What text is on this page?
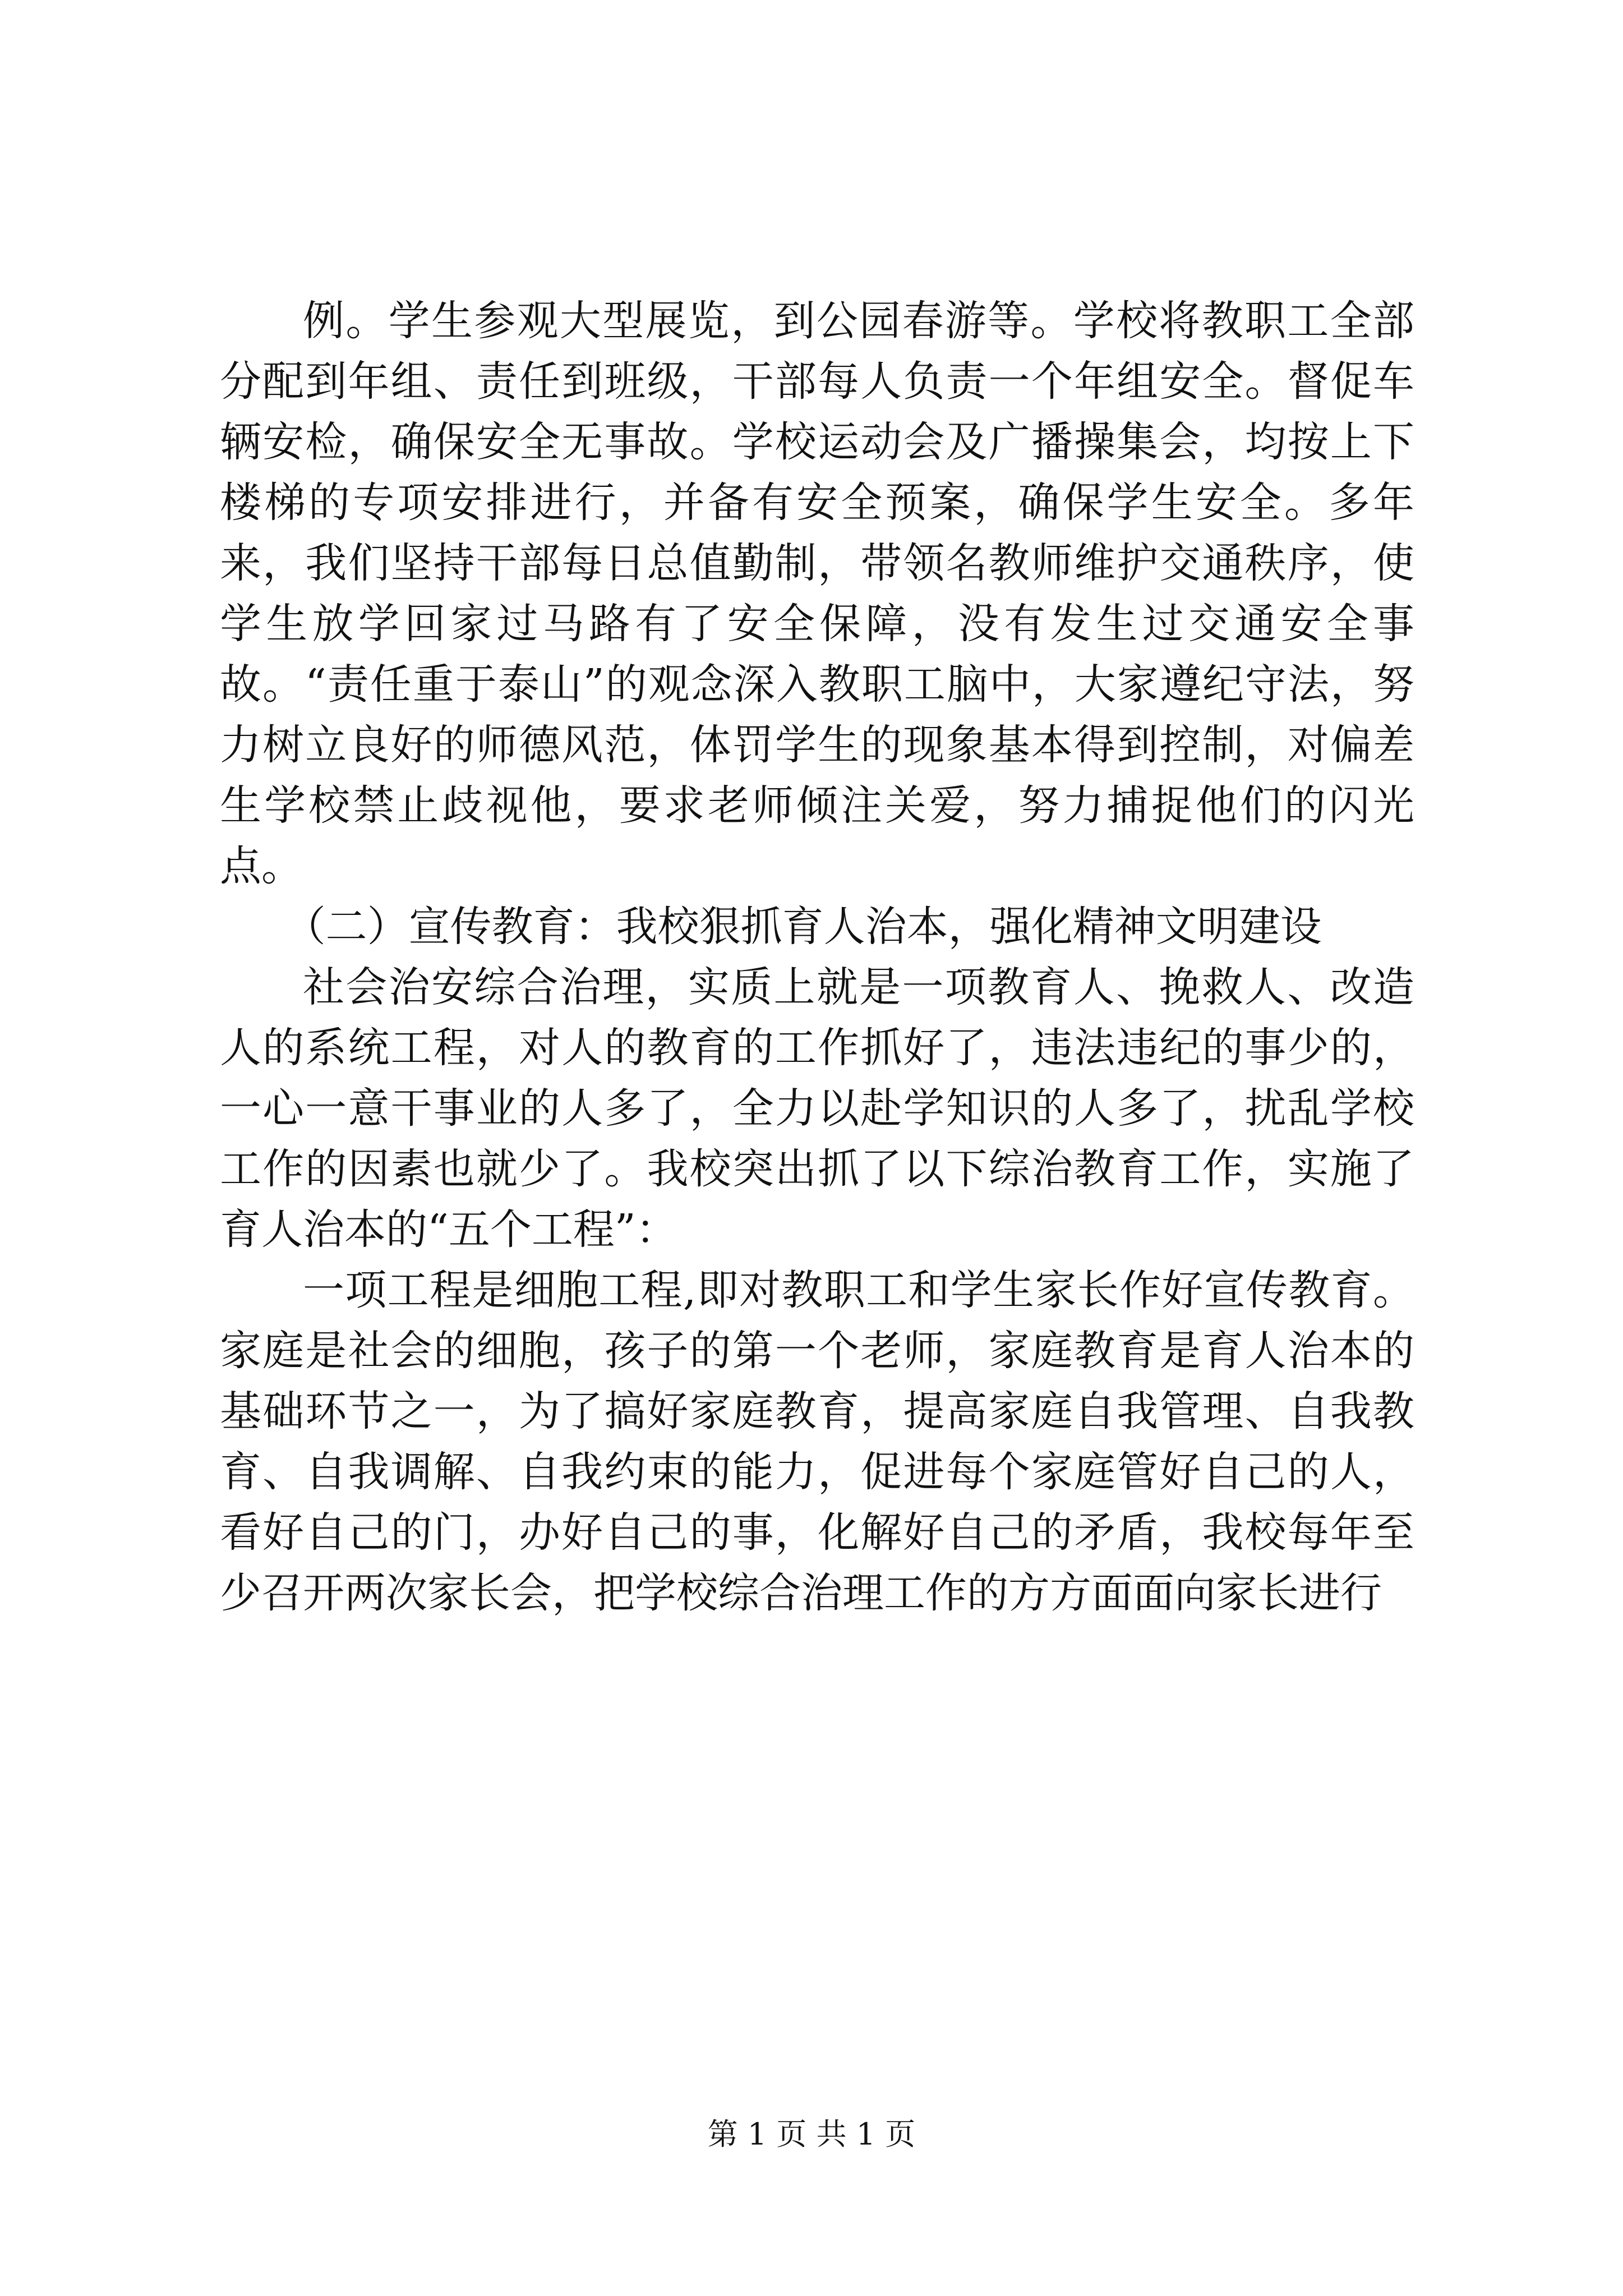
例。学生参观大型展览，到公园春游等。学校将教职工全部分配到年组、责任到班级，干部每人负责一个年组安全。督促车辆安检，确保安全无事故。学校运动会及广播操集会，均按上下楼梯的专项安排进行，并备有安全预案，确保学生安全。多年来，我们坚持干部每日总值勤制，带领名教师维护交通秩序，使学生放学回家过马路有了安全保障，没有发生过交通安全事故。“责任重于泰山”的观念深入教职工脑中，大家遵纪守法，努力树立良好的师德风范，体罚学生的现象基本得到控制，对偏差生学校禁止歧视他，要求老师倾注关爱，努力捕捉他们的闪光点。

（二）宣传教育：我校狠抓育人治本，强化精神文明建设

社会治安综合治理，实质上就是一项教育人、挽救人、改造人的系统工程，对人的教育的工作抓好了，违法违纪的事少的，一心一意干事业的人多了，全力以赴学知识的人多了，扰乱学校工作的因素也就少了。我校突出抓了以下综治教育工作，实施了育人治本的“五个工程”：

一项工程是细胞工程,即对教职工和学生家长作好宣传教育。家庭是社会的细胞，孩子的第一个老师，家庭教育是育人治本的基础环节之一，为了搞好家庭教育，提高家庭自我管理、自我教育、自我调解、自我约束的能力，促进每个家庭管好自己的人，看好自己的门，办好自己的事，化解好自己的矛盾，我校每年至少召开两次家长会，把学校综合治理工作的方方面面向家长进行

第 1 页 共 1 页
